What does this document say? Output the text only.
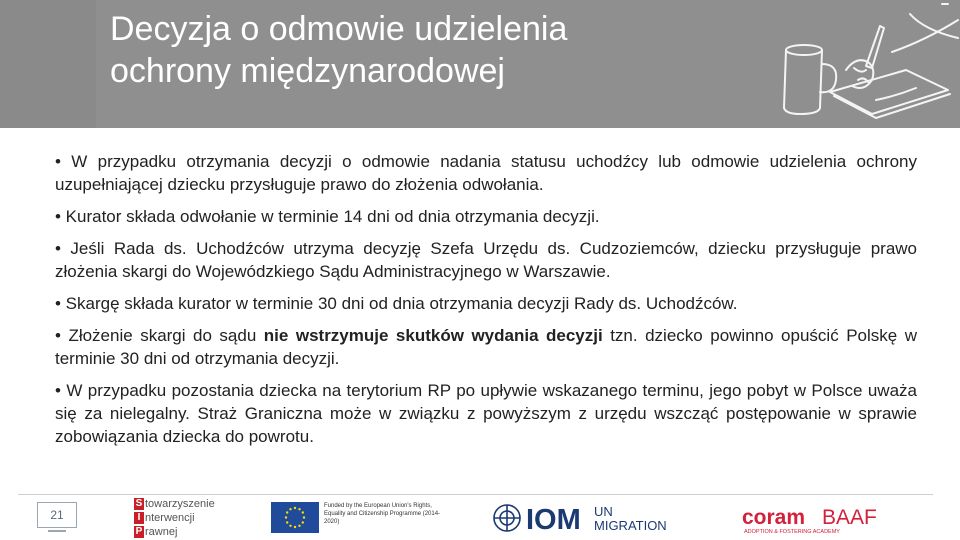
Decyzja o odmowie udzielenia
ochrony międzynarodowej

• W przypadku otrzymania decyzji o odmowie nadania statusu uchodźcy lub odmowie udzielenia ochrony uzupełniającej dziecku przysługuje prawo do złożenia odwołania.

• Kurator składa odwołanie w terminie 14 dni od dnia otrzymania decyzji.

• Jeśli Rada ds. Uchodźców utrzyma decyzję Szefa Urzędu ds. Cudzoziemców, dziecku przysługuje prawo złożenia skargi do Wojewódzkiego Sądu Administracyjnego w Warszawie.

• Skargę składa kurator w terminie 30 dni od dnia otrzymania decyzji Rady ds. Uchodźców.

• Złożenie skargi do sądu nie wstrzymuje skutków wydania decyzji tzn. dziecko powinno opuścić Polskę w terminie 30 dni od otrzymania decyzji.

• W przypadku pozostania dziecka na terytorium RP po upływie wskazanego terminu, jego pobyt w Polsce uważa się za nielegalny. Straż Graniczna może w związku z powyższym z urzędu wszcząć postępowanie w sprawie zobowiązania dziecka do powrotu.

21
S towarzyszenie
I nterwencji
P rawnej
Funded by the European Union's Rights, Equality and Citizenship Programme (2014-2020)	IOM UN
MIGRATION	coram BAAF
ADOPTION & FOSTERING ACADEMY
